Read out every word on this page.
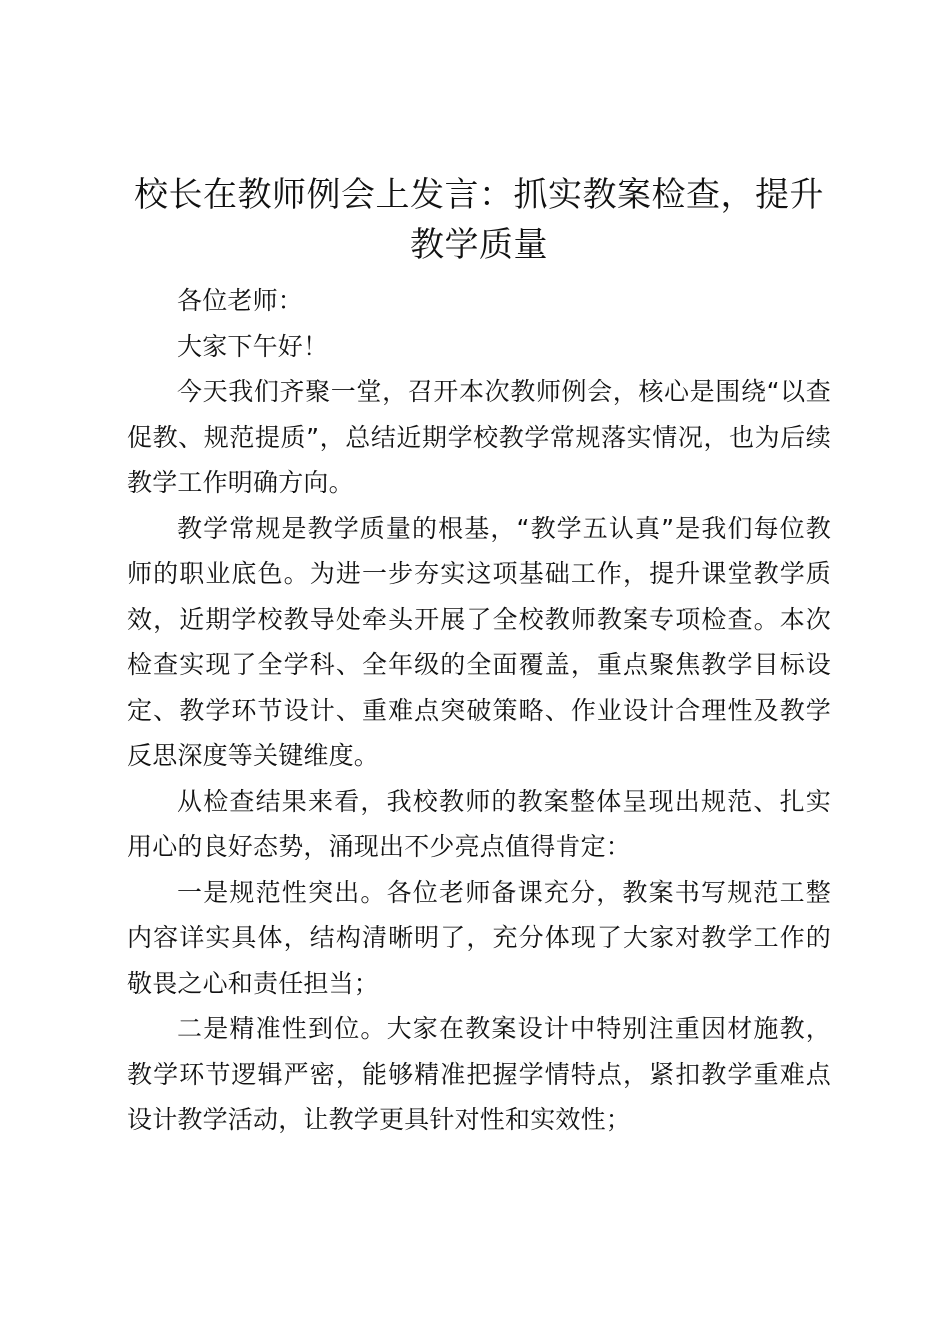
校长在教师例会上发言：抓实教案检查，提升教学质量

各位老师：

大家下午好！

今天我们齐聚一堂，召开本次教师例会，核心是围绕“以查促教、规范提质”，总结近期学校教学常规落实情况，也为后续教学工作明确方向。

教学常规是教学质量的根基，“教学五认真”是我们每位教师的职业底色。为进一步夯实这项基础工作，提升课堂教学质效，近期学校教导处牵头开展了全校教师教案专项检查。本次检查实现了全学科、全年级的全面覆盖，重点聚焦教学目标设定、教学环节设计、重难点突破策略、作业设计合理性及教学反思深度等关键维度。

从检查结果来看，我校教师的教案整体呈现出规范、扎实用心的良好态势，涌现出不少亮点值得肯定：

一是规范性突出。各位老师备课充分，教案书写规范工整内容详实具体，结构清晰明了，充分体现了大家对教学工作的敬畏之心和责任担当；

二是精准性到位。大家在教案设计中特别注重因材施教，教学环节逻辑严密，能够精准把握学情特点，紧扣教学重难点设计教学活动，让教学更具针对性和实效性；
